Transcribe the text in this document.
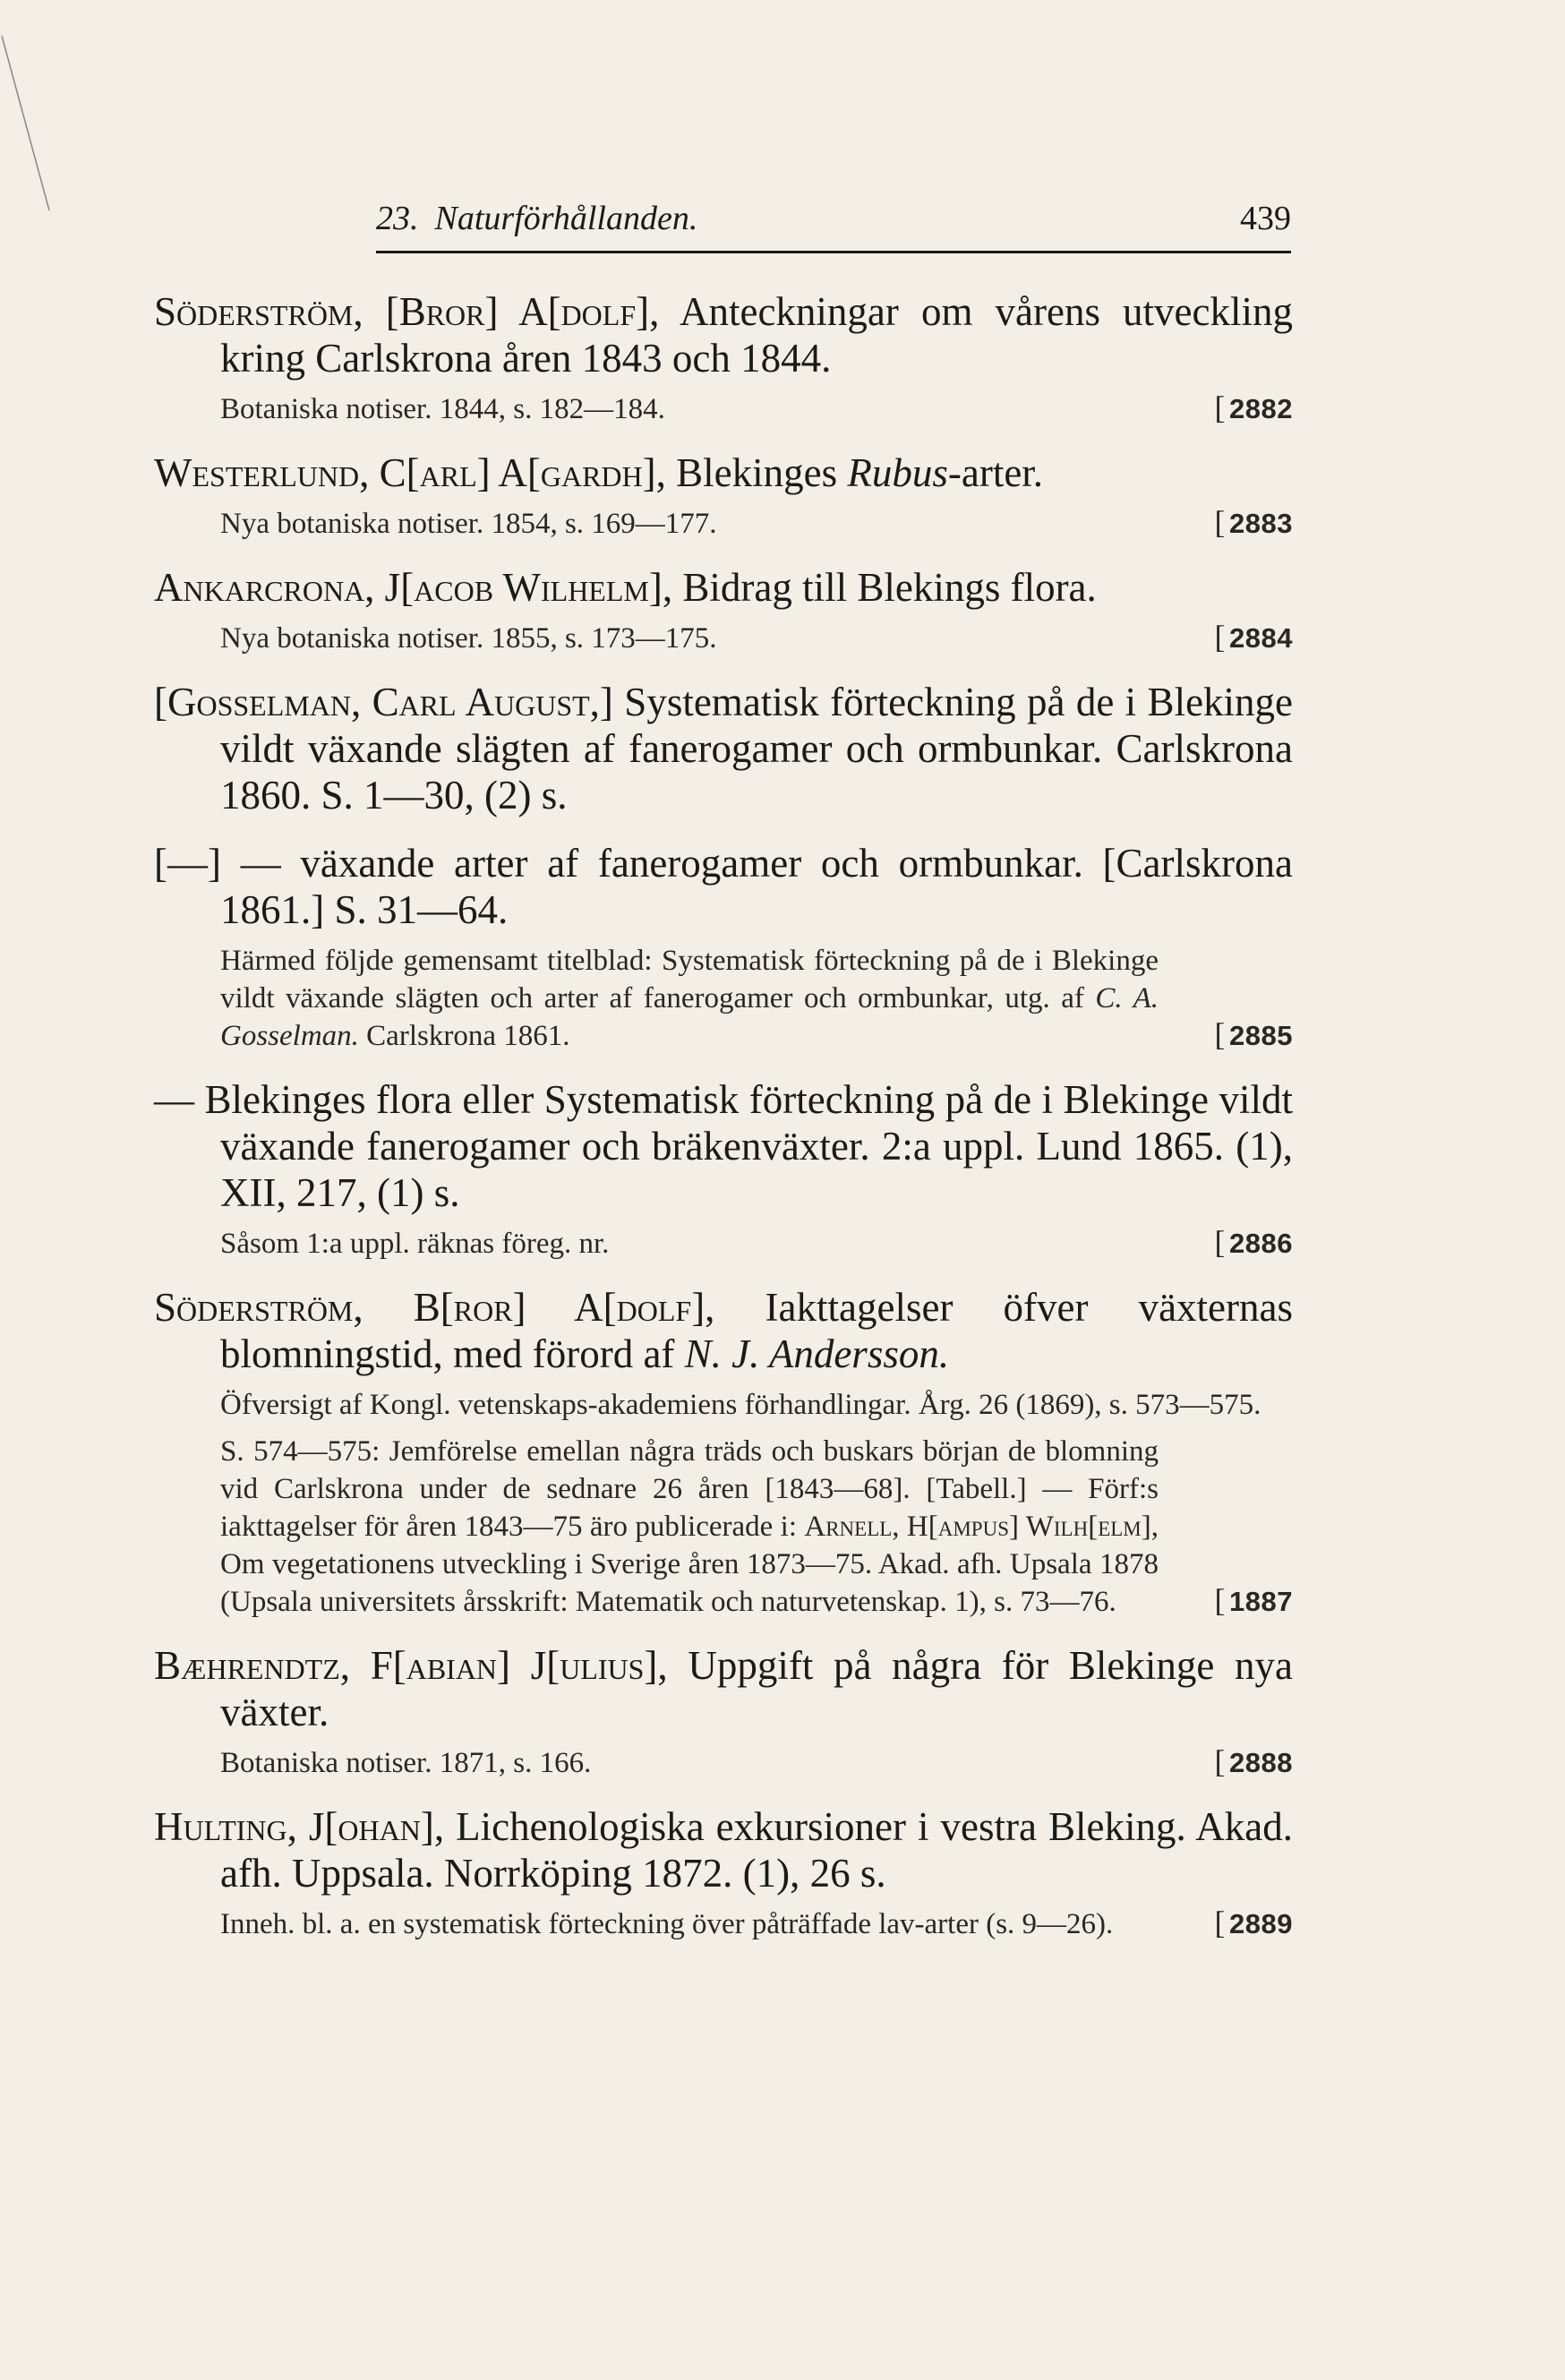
23. Naturförhållanden.	439
Söderström, [Bror] A[dolf], Anteckningar om vårens utveckling kring Carlskrona åren 1843 och 1844.
Botaniska notiser. 1844, s. 182—184.	[ 2882
Westerlund, C[arl] A[gardh], Blekinges Rubus-arter.
Nya botaniska notiser. 1854, s. 169—177.	[ 2883
Ankarcrona, J[acob Wilhelm], Bidrag till Blekings flora.
Nya botaniska notiser. 1855, s. 173—175.	[ 2884
[Gosselman, Carl August,] Systematisk förteckning på de i Blekinge vildt växande slägten af fanerogamer och ormbunkar. Carlskrona 1860. S. 1—30, (2) s.
[—] — växande arter af fanerogamer och ormbunkar. [Carlskrona 1861.] S. 31—64.
Härmed följde gemensamt titelblad: Systematisk förteckning på de i Blekinge vildt växande slägten och arter af fanerogamer och ormbunkar, utg. af C. A. Gosselman. Carlskrona 1861.	[ 2885
— Blekinges flora eller Systematisk förteckning på de i Blekinge vildt växande fanerogamer och bräkenväxter. 2:a uppl. Lund 1865. (1), XII, 217, (1) s.
Såsom 1:a uppl. räknas föreg. nr.	[ 2886
Söderström, B[ror] A[dolf], Iakttagelser öfver växternas blomningstid, med förord af N. J. Andersson.
Öfversigt af Kongl. vetenskaps-akademiens förhandlingar. Årg. 26 (1869), s. 573—575.
S. 574—575: Jemförelse emellan några träds och buskars början de blomning vid Carlskrona under de sednare 26 åren [1843—68]. [Tabell.] — Förf:s iakttagelser för åren 1843—75 äro publicerade i: Arnell, H[ampus] Wilh[elm], Om vegetationens utveckling i Sverige åren 1873—75. Akad. afh. Upsala 1878 (Upsala universitets årsskrift: Matematik och naturvetenskap. 1), s. 73—76.	[ 1887
Bæhrendtz, F[abian] J[ulius], Uppgift på några för Blekinge nya växter.
Botaniska notiser. 1871, s. 166.	[ 2888
Hulting, J[ohan], Lichenologiska exkursioner i vestra Bleking. Akad. afh. Uppsala. Norrköping 1872. (1), 26 s.
Inneh. bl. a. en systematisk förteckning över påträffade lav-arter (s. 9—26).	[ 2889
